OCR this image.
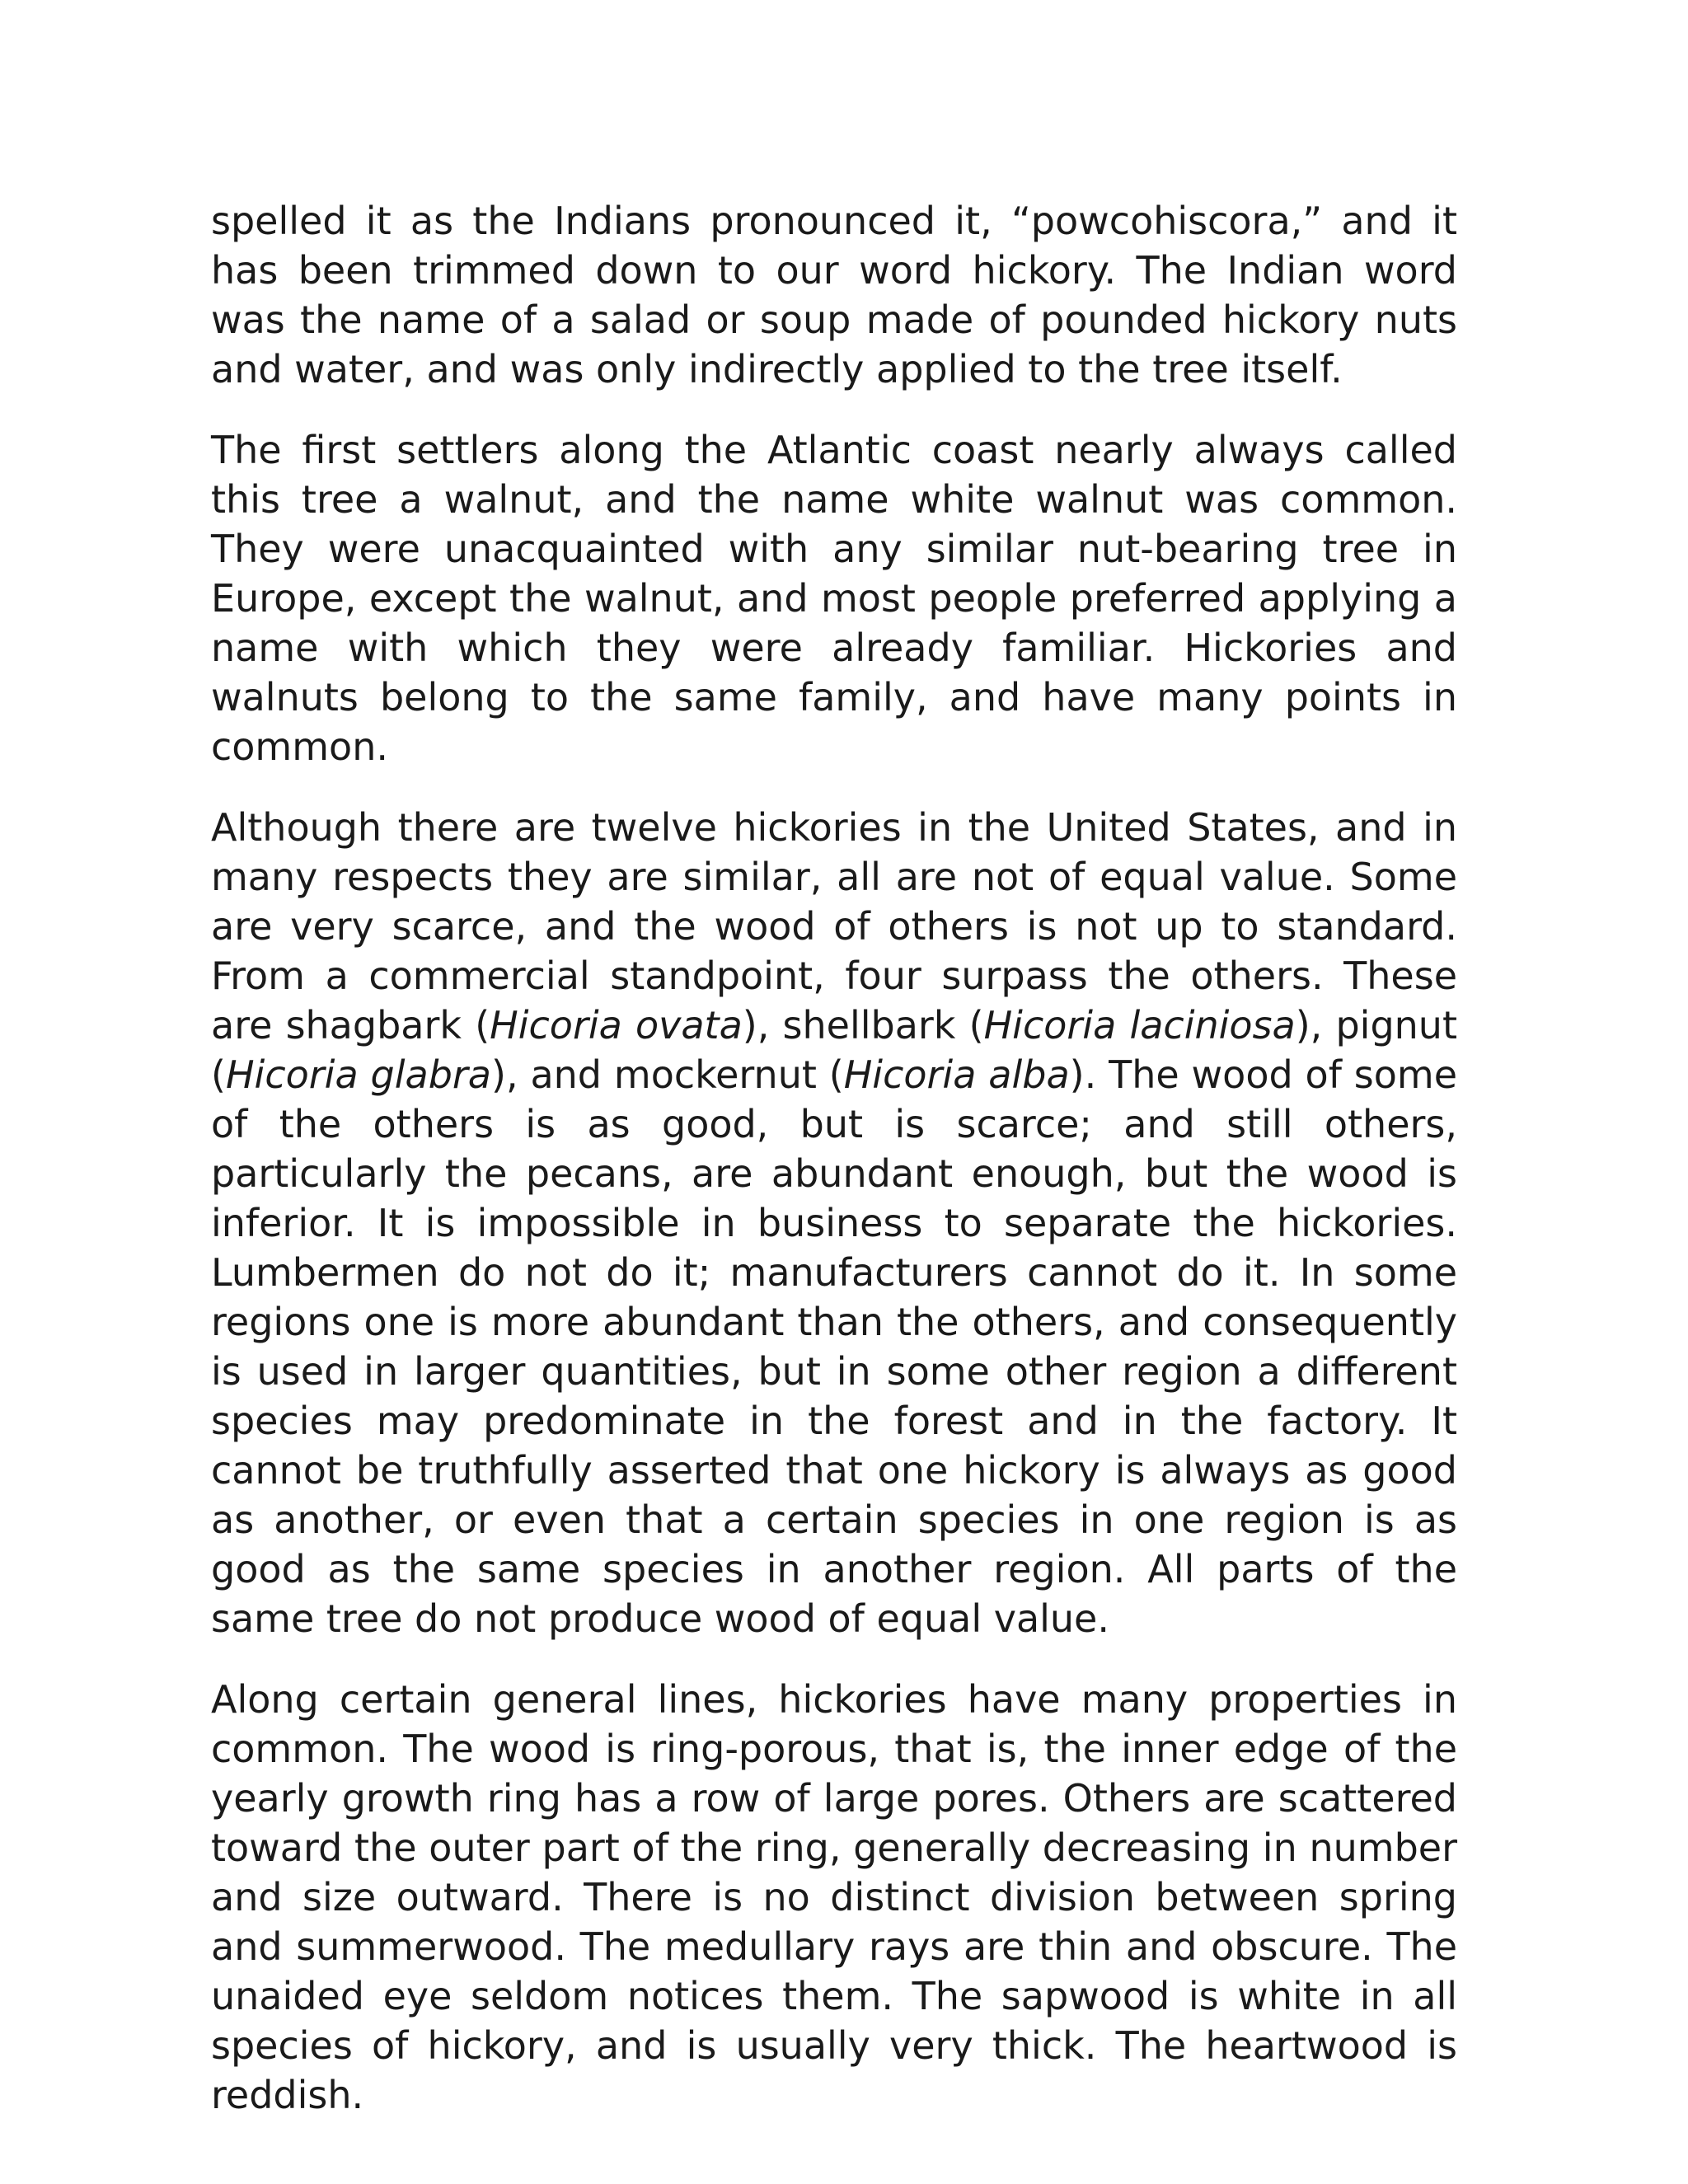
spelled it as the Indians pronounced it, “powcohiscora,” and it has been trimmed down to our word hickory. The Indian word was the name of a salad or soup made of pounded hickory nuts and water, and was only indirectly applied to the tree itself.

The first settlers along the Atlantic coast nearly always called this tree a walnut, and the name white walnut was common. They were unacquainted with any similar nut-bearing tree in Europe, except the walnut, and most people preferred applying a name with which they were already familiar. Hickories and walnuts belong to the same family, and have many points in common.

Although there are twelve hickories in the United States, and in many respects they are similar, all are not of equal value. Some are very scarce, and the wood of others is not up to standard. From a commercial standpoint, four surpass the others. These are shagbark (Hicoria ovata), shellbark (Hicoria laciniosa), pignut (Hicoria glabra), and mockernut (Hicoria alba). The wood of some of the others is as good, but is scarce; and still others, particularly the pecans, are abundant enough, but the wood is inferior. It is impossible in business to separate the hickories. Lumbermen do not do it; manufacturers cannot do it. In some regions one is more abundant than the others, and consequently is used in larger quantities, but in some other region a different species may predominate in the forest and in the factory. It cannot be truthfully asserted that one hickory is always as good as another, or even that a certain species in one region is as good as the same species in another region. All parts of the same tree do not produce wood of equal value.

Along certain general lines, hickories have many properties in common. The wood is ring-porous, that is, the inner edge of the yearly growth ring has a row of large pores. Others are scattered toward the outer part of the ring, generally decreasing in number and size outward. There is no distinct division between spring and summerwood. The medullary rays are thin and obscure. The unaided eye seldom notices them. The sapwood is white in all species of hickory, and is usually very thick. The heartwood is reddish.
